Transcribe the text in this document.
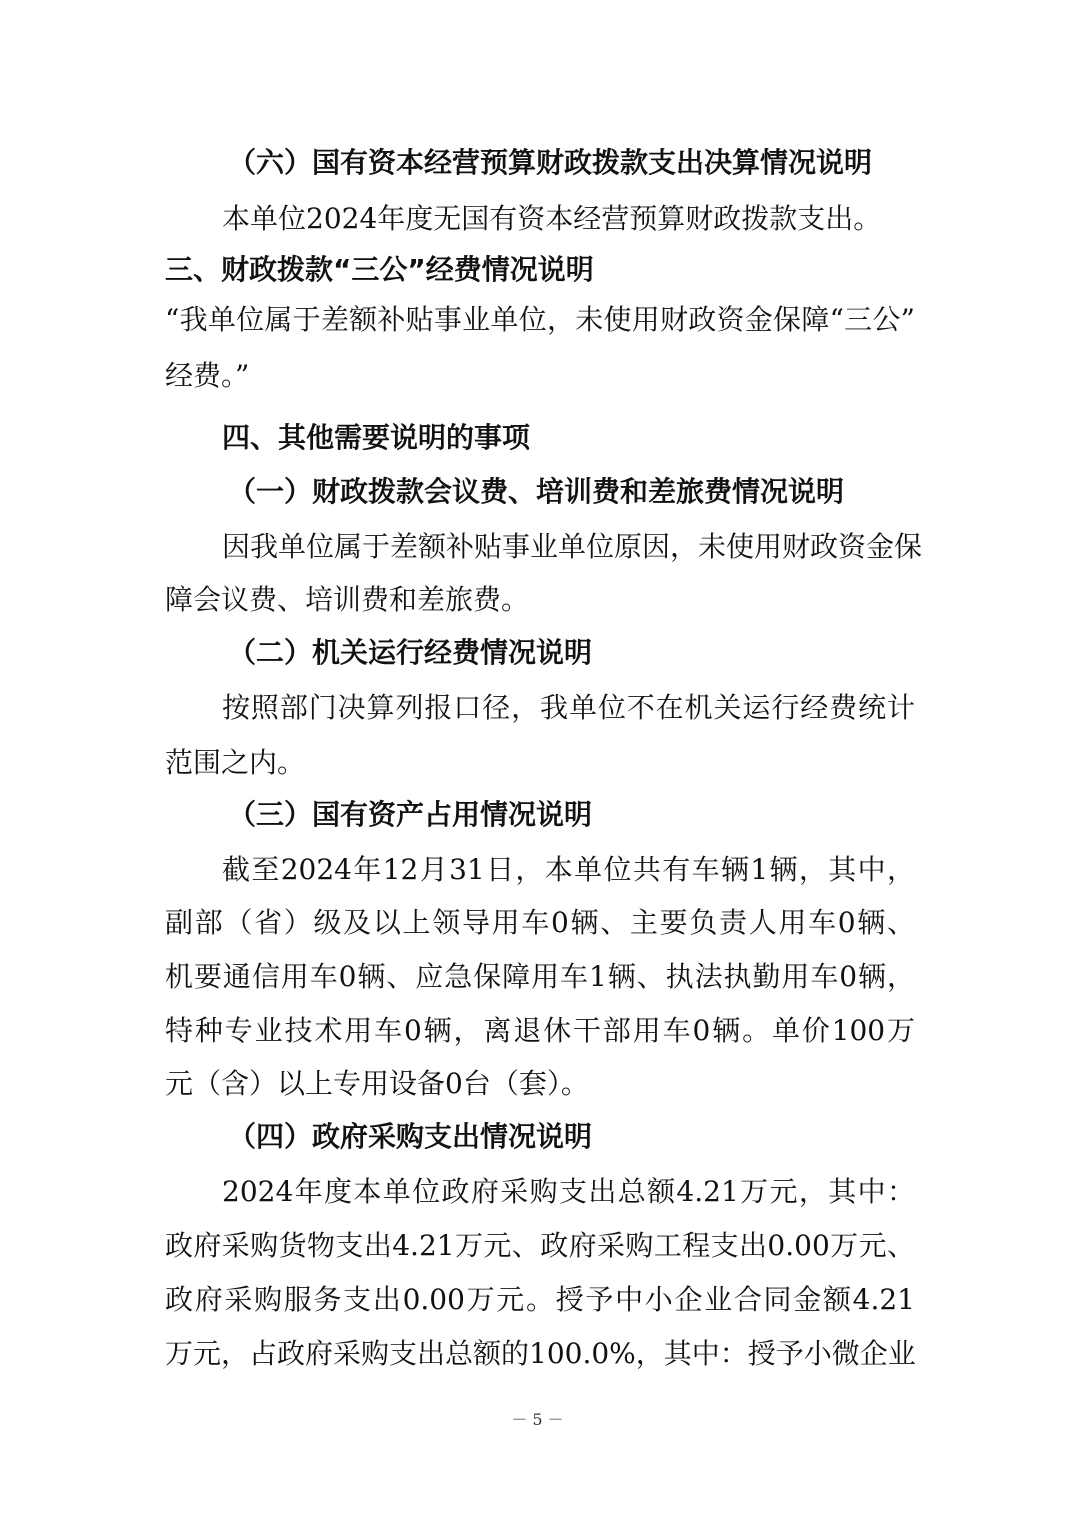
（六）国有资本经营预算财政拨款支出决算情况说明
本单位2024年度无国有资本经营预算财政拨款支出。
三、财政拨款“三公”经费情况说明
“我单位属于差额补贴事业单位，未使用财政资金保障“三公”
经费。”
四、其他需要说明的事项
（一）财政拨款会议费、培训费和差旅费情况说明
因我单位属于差额补贴事业单位原因，未使用财政资金保
障会议费、培训费和差旅费。
（二）机关运行经费情况说明
按照部门决算列报口径，我单位不在机关运行经费统计
范围之内。
（三）国有资产占用情况说明
截至2024年12月31日，本单位共有车辆1辆，其中，
副部（省）级及以上领导用车0辆、主要负责人用车0辆、
机要通信用车0辆、应急保障用车1辆、执法执勤用车0辆，
特种专业技术用车0辆，离退休干部用车0辆。单价100万
元（含）以上专用设备0台（套）。
（四）政府采购支出情况说明
2024年度本单位政府采购支出总额4.21万元，其中：
政府采购货物支出4.21万元、政府采购工程支出0.00万元、
政府采购服务支出0.00万元。授予中小企业合同金额4.21
万元，占政府采购支出总额的100.0%，其中：授予小微企业
－ 5 －
